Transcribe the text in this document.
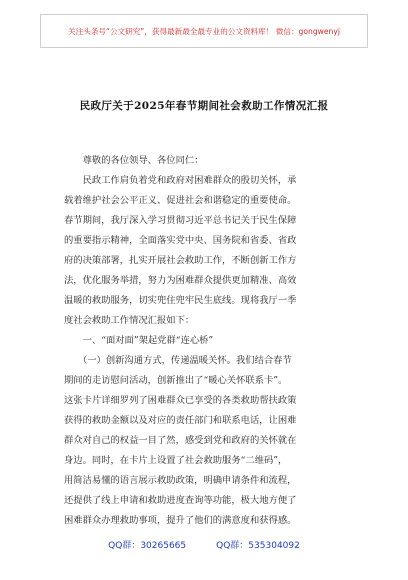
关注头条号“公文研究”，获得最新最全最专业的公文资料库！ 微信：gongwenyj
民政厅关于2025年春节期间社会救助工作情况汇报

　　尊敬的各位领导、各位同仁：

　　民政工作肩负着党和政府对困难群众的殷切关怀，承

载着维护社会公平正义、促进社会和谐稳定的重要使命。

春节期间，我厅深入学习贯彻习近平总书记关于民生保障

的重要指示精神，全面落实党中央、国务院和省委、省政

府的决策部署，扎实开展社会救助工作，不断创新工作方

法，优化服务举措，努力为困难群众提供更加精准、高效

温暖的救助服务，切实兜住兜牢民生底线。现将我厅一季

度社会救助工作情况汇报如下：

　　一、“面对面”架起党群“连心桥”

　　（一）创新沟通方式，传递温暖关怀。我们结合春节

期间的走访慰问活动，创新推出了“暖心关怀联系卡”。

这张卡片详细罗列了困难群众已享受的各类救助帮扶政策

获得的救助金额以及对应的责任部门和联系电话，让困难

群众对自己的权益一目了然，感受到党和政府的关怀就在

身边。同时，在卡片上设置了社会救助服务“二维码”，

用简洁易懂的语言展示救助政策，明确申请条件和流程，

还提供了线上申请和救助进度查询等功能，极大地方便了

困难群众办理救助事项，提升了他们的满意度和获得感。

QQ群：30265665	QQ群：535304092
